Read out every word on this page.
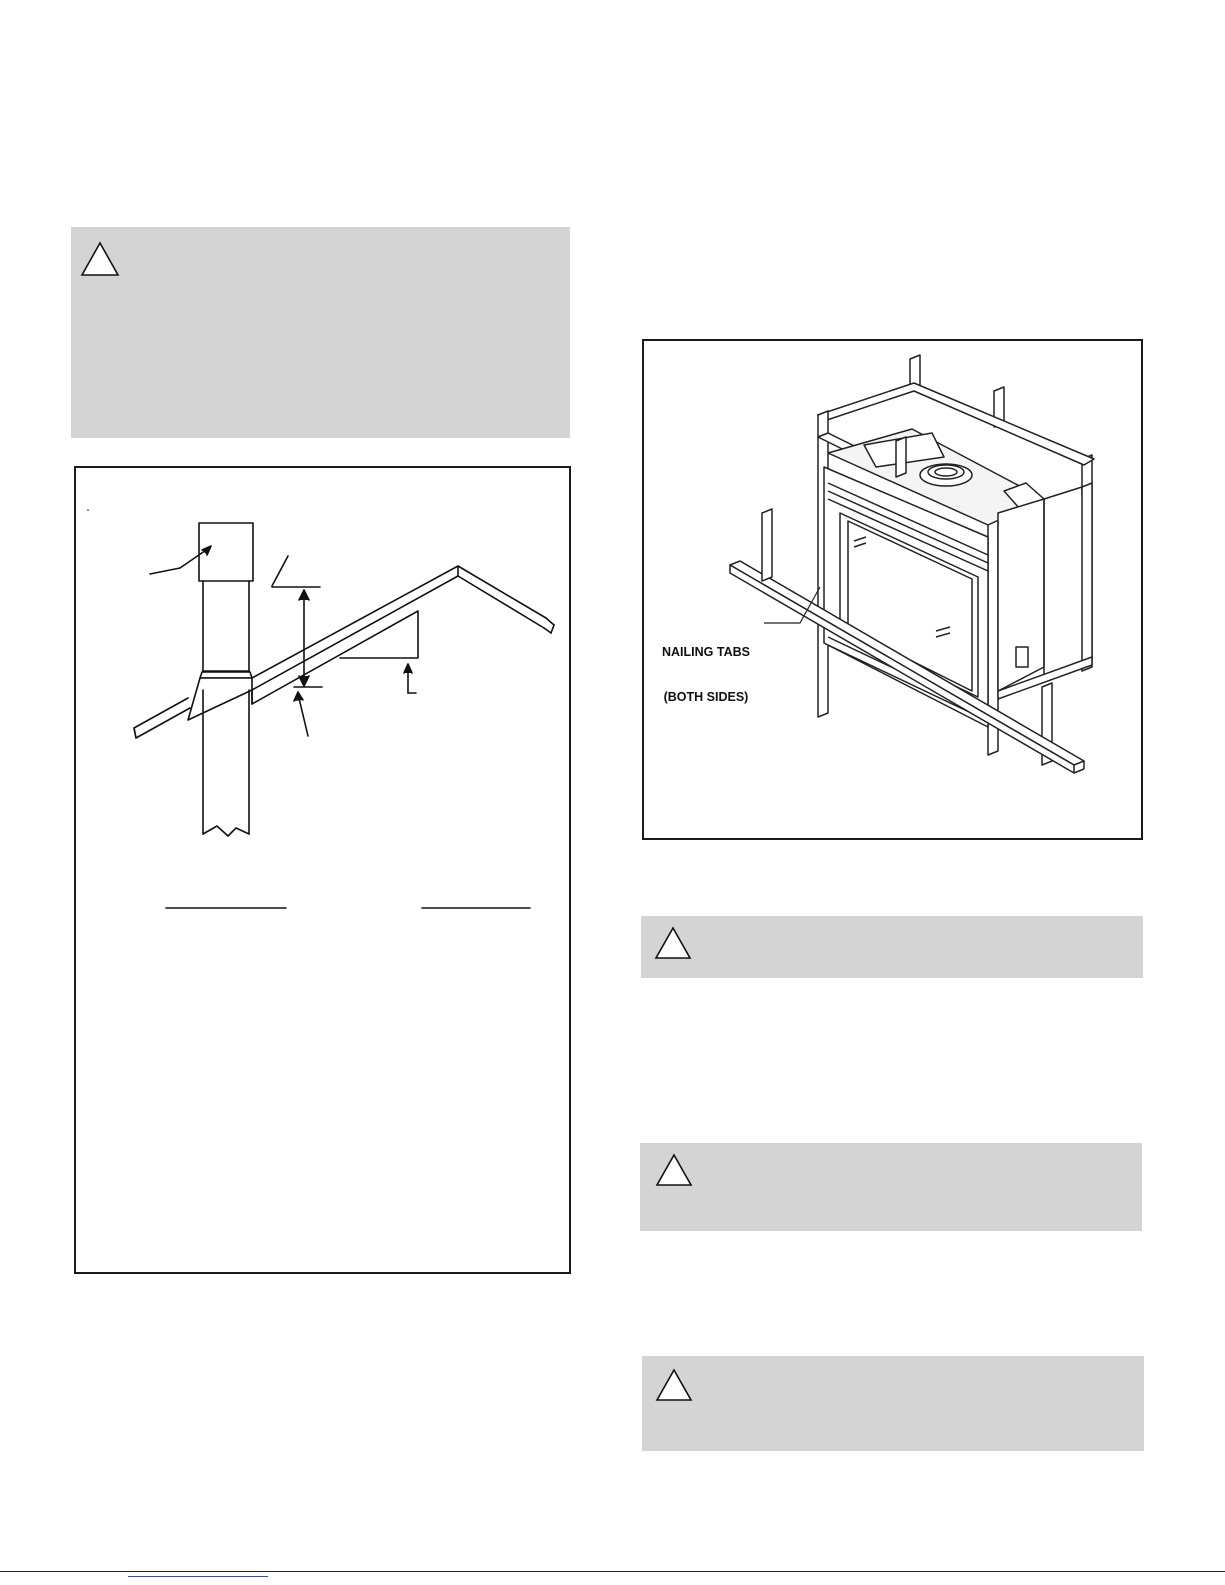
NAILING TABS

(BOTH SIDES)
